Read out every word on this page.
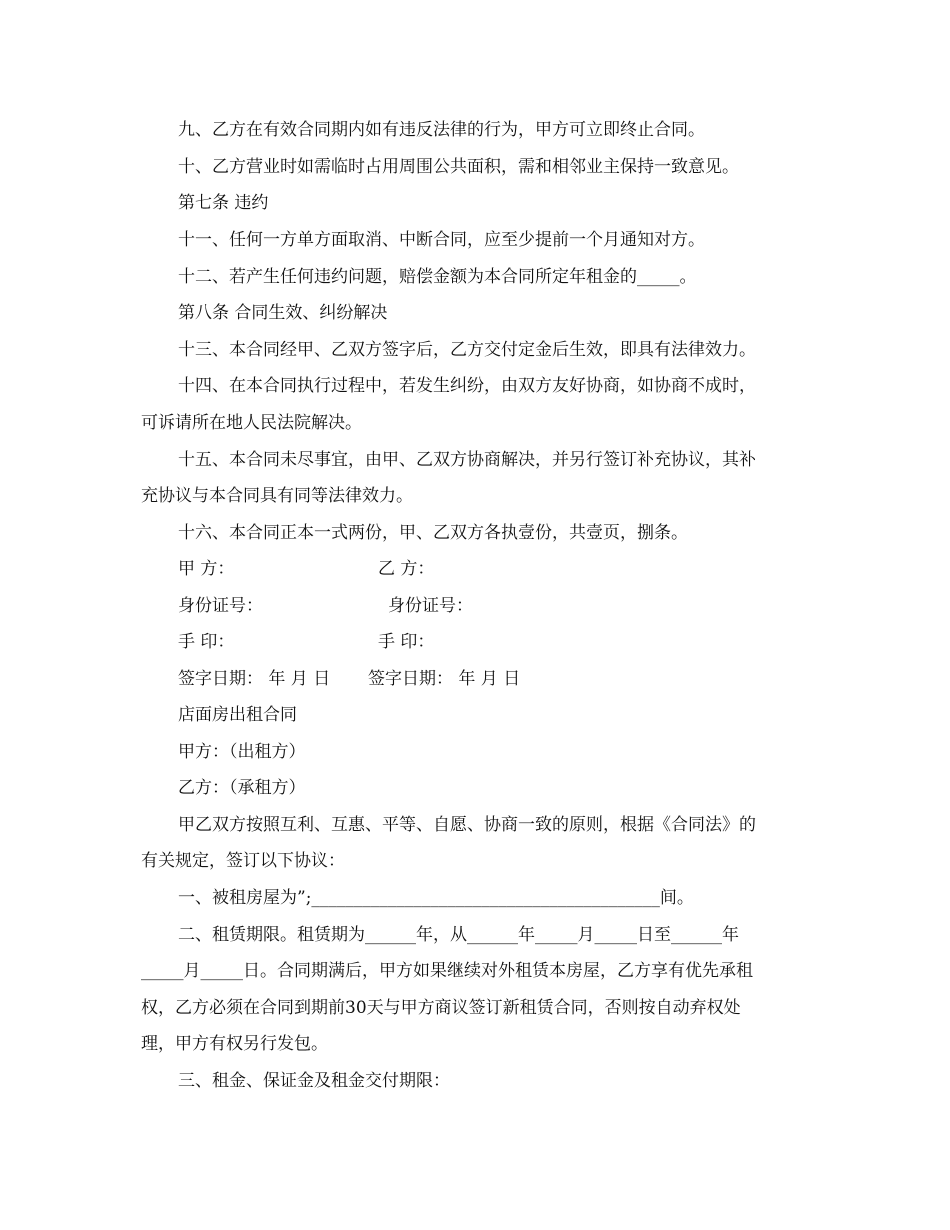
九、乙方在有效合同期内如有违反法律的行为，甲方可立即终止合同。
十、乙方营业时如需临时占用周围公共面积，需和相邻业主保持一致意见。
第七条 违约
十一、任何一方单方面取消、中断合同，应至少提前一个月通知对方。
十二、若产生任何违约问题，赔偿金额为本合同所定年租金的_____。
第八条 合同生效、纠纷解决
十三、本合同经甲、乙双方签字后，乙方交付定金后生效，即具有法律效力。
十四、在本合同执行过程中，若发生纠纷，由双方友好协商，如协商不成时，
可诉请所在地人民法院解决。
十五、本合同未尽事宜，由甲、乙双方协商解决，并另行签订补充协议，其补
充协议与本合同具有同等法律效力。
十六、本合同正本一式两份，甲、乙双方各执壹份，共壹页，捌条。
甲 方：	乙 方：
身份证号：	身份证号：
手 印：	手 印：
签字日期： 年 月 日 签字日期： 年 月 日
店面房出租合同
甲方：（出租方）
乙方：（承租方）
甲乙双方按照互利、互惠、平等、自愿、协商一致的原则，根据《合同法》的
有关规定，签订以下协议：
一、被租房屋为”;_________________________________________间。
二、租赁期限。租赁期为______年，从______年_____月_____日至______年
_____月_____日。合同期满后，甲方如果继续对外租赁本房屋，乙方享有优先承租
权，乙方必须在合同到期前30天与甲方商议签订新租赁合同，否则按自动弃权处
理，甲方有权另行发包。
三、租金、保证金及租金交付期限：
